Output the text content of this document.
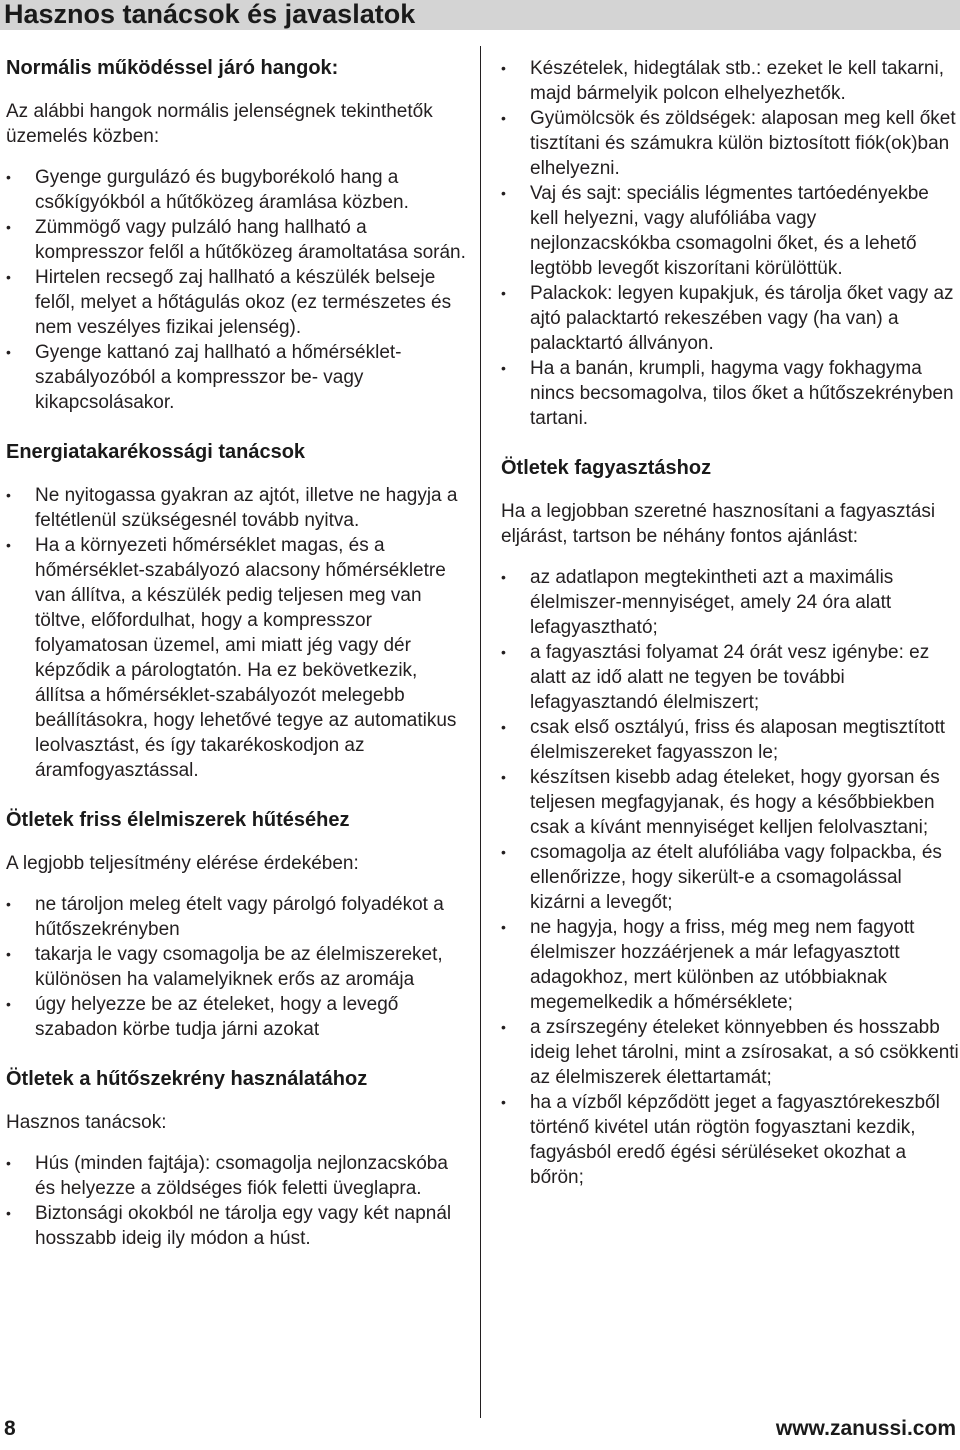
Hasznos tanácsok és javaslatok
Normális működéssel járó hangok:

Az alábbi hangok normális jelenségnek tekinthetők üzemelés közben:

• Gyenge gurgulázó és bugyborékoló hang a csőkígyókból a hűtőközeg áramlása közben.
• Zümmögő vagy pulzáló hang hallható a kompresszor felől a hűtőközeg áramoltatása során.
• Hirtelen recsegő zaj hallható a készülék belseje felől, melyet a hőtágulás okoz (ez természetes és nem veszélyes fizikai jelenség).
• Gyenge kattanó zaj hallható a hőmérséklet-szabályozóból a kompresszor be- vagy kikapcsolásakor.
Energiatakarékossági tanácsok
• Ne nyitogassa gyakran az ajtót, illetve ne hagyja a feltétlenül szükségesnél tovább nyitva.
• Ha a környezeti hőmérséklet magas, és a hőmérséklet-szabályozó alacsony hőmérsékletre van állítva, a készülék pedig teljesen meg van töltve, előfordulhat, hogy a kompresszor folyamatosan üzemel, ami miatt jég vagy dér képződik a párologtatón. Ha ez bekövetkezik, állítsa a hőmérséklet-szabályozót melegebb beállításokra, hogy lehetővé tegye az automatikus leolvasztást, és így takarékoskodjon az áramfogyasztással.
Ötletek friss élelmiszerek hűtéséhez

A legjobb teljesítmény elérése érdekében:

• ne tároljon meleg ételt vagy párolgó folyadékot a hűtőszekrényben
• takarja le vagy csomagolja be az élelmiszereket, különösen ha valamelyiknek erős az aromája
• úgy helyezze be az ételeket, hogy a levegő szabadon körbe tudja járni azokat
Ötletek a hűtőszekrény használatához

Hasznos tanácsok:

• Hús (minden fajtája): csomagolja nejlonzacskóba és helyezze a zöldséges fiók feletti üveglapra.
• Biztonsági okokból ne tárolja egy vagy két napnál hosszabb ideig ily módon a húst.
• Készételek, hidegtálak stb.: ezeket le kell takarni, majd bármelyik polcon elhelyezhetők.
• Gyümölcsök és zöldségek: alaposan meg kell őket tisztítani és számukra külön biztosított fiók(ok)ban elhelyezni.
• Vaj és sajt: speciális légmentes tartóedényekbe kell helyezni, vagy alufóliába vagy nejlonzacskókba csomagolni őket, és a lehető legtöbb levegőt kiszorítani körülöttük.
• Palackok: legyen kupakjuk, és tárolja őket vagy az ajtó palacktartó rekeszében vagy (ha van) a palacktartó állványon.
• Ha a banán, krumpli, hagyma vagy fokhagyma nincs becsomagolva, tilos őket a hűtőszekrényben tartani.
Ötletek fagyasztáshoz

Ha a legjobban szeretné hasznosítani a fagyasztási eljárást, tartson be néhány fontos ajánlást:

• az adatlapon megtekintheti azt a maximális élelmiszer-mennyiséget, amely 24 óra alatt lefagyasztható;
• a fagyasztási folyamat 24 órát vesz igénybe: ez alatt az idő alatt ne tegyen be további lefagyasztandó élelmiszert;
• csak első osztályú, friss és alaposan megtisztított élelmiszereket fagyasszon le;
• készítsen kisebb adag ételeket, hogy gyorsan és teljesen megfagyjanak, és hogy a későbbiekben csak a kívánt mennyiséget kelljen felolvasztani;
• csomagolja az ételt alufóliába vagy folpackba, és ellenőrizze, hogy sikerült-e a csomagolással kizárni a levegőt;
• ne hagyja, hogy a friss, még meg nem fagyott élelmiszer hozzáérjenek a már lefagyasztott adagokhoz, mert különben az utóbbiaknak megemelkedik a hőmérséklete;
• a zsírszegény ételeket könnyebben és hosszabb ideig lehet tárolni, mint a zsírosakat, a só csökkenti az élelmiszerek élettartamát;
• ha a vízből képződött jeget a fagyasztórekeszből történő kivétel után rögtön fogyasztani kezdik, fagyásból eredő égési sérüléseket okozhat a bőrön;
8	www.zanussi.com
